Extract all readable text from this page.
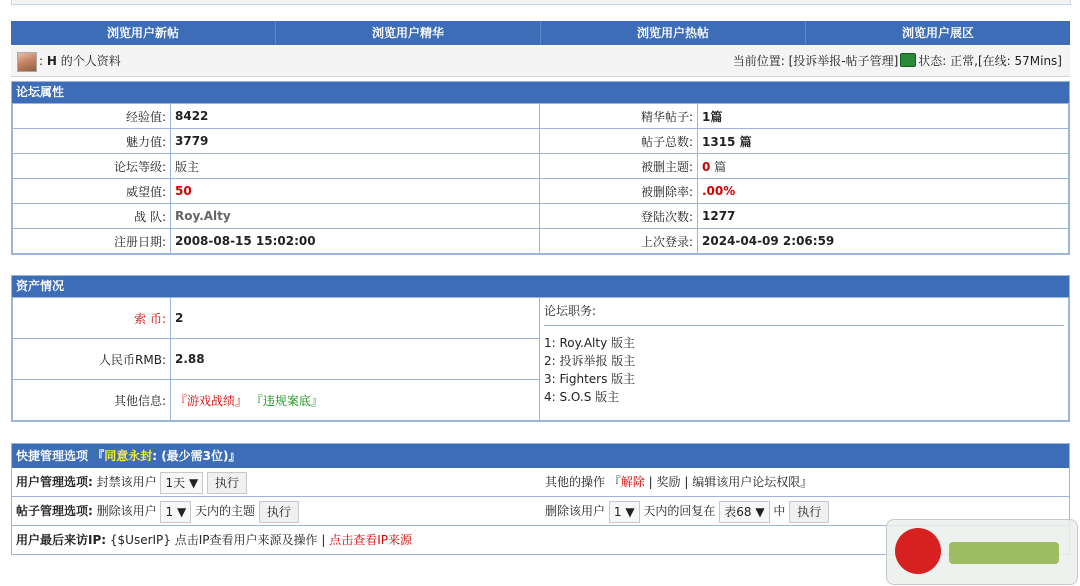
浏览用户新帖	浏览用户精华	浏览用户热帖	浏览用户展区
: H 的个人资料	当前位置: [投诉举报-帖子管理] 状态: 正常,[在线: 57Mins]
论坛属性
经验值:	8422	精华帖子:	1篇
魅力值:	3779	帖子总数:	1315 篇
论坛等级:	版主	被删主题:	0 篇
威望值:	50	被删除率:	.00%
战 队:	Roy.Alty	登陆次数:	1277
注册日期:	2008-08-15 15:02:00	上次登录:	2024-04-09 2:06:59
资产情况
索 币:	2	论坛职务:
1: Roy.Alty 版主
2: 投诉举报 版主
3: Fighters 版主
4: S.O.S 版主

人民币RMB:	2.88	
其他信息:	『游戏战绩』 『违规案底』	
快捷管理选项 『同意永封: (最少需3位)』
用户管理选项: 封禁该用户 1天 ▼ 执行	其他的操作 『解除 | 奖励 | 编辑该用户论坛权限』
帖子管理选项: 删除该用户 1 ▼ 天内的主题 执行	删除该用户 1 ▼ 天内的回复在 表68 ▼ 中 执行
用户最后来访IP: {$UserIP} 点击IP查看用户来源及操作 | 点击查看IP来源
